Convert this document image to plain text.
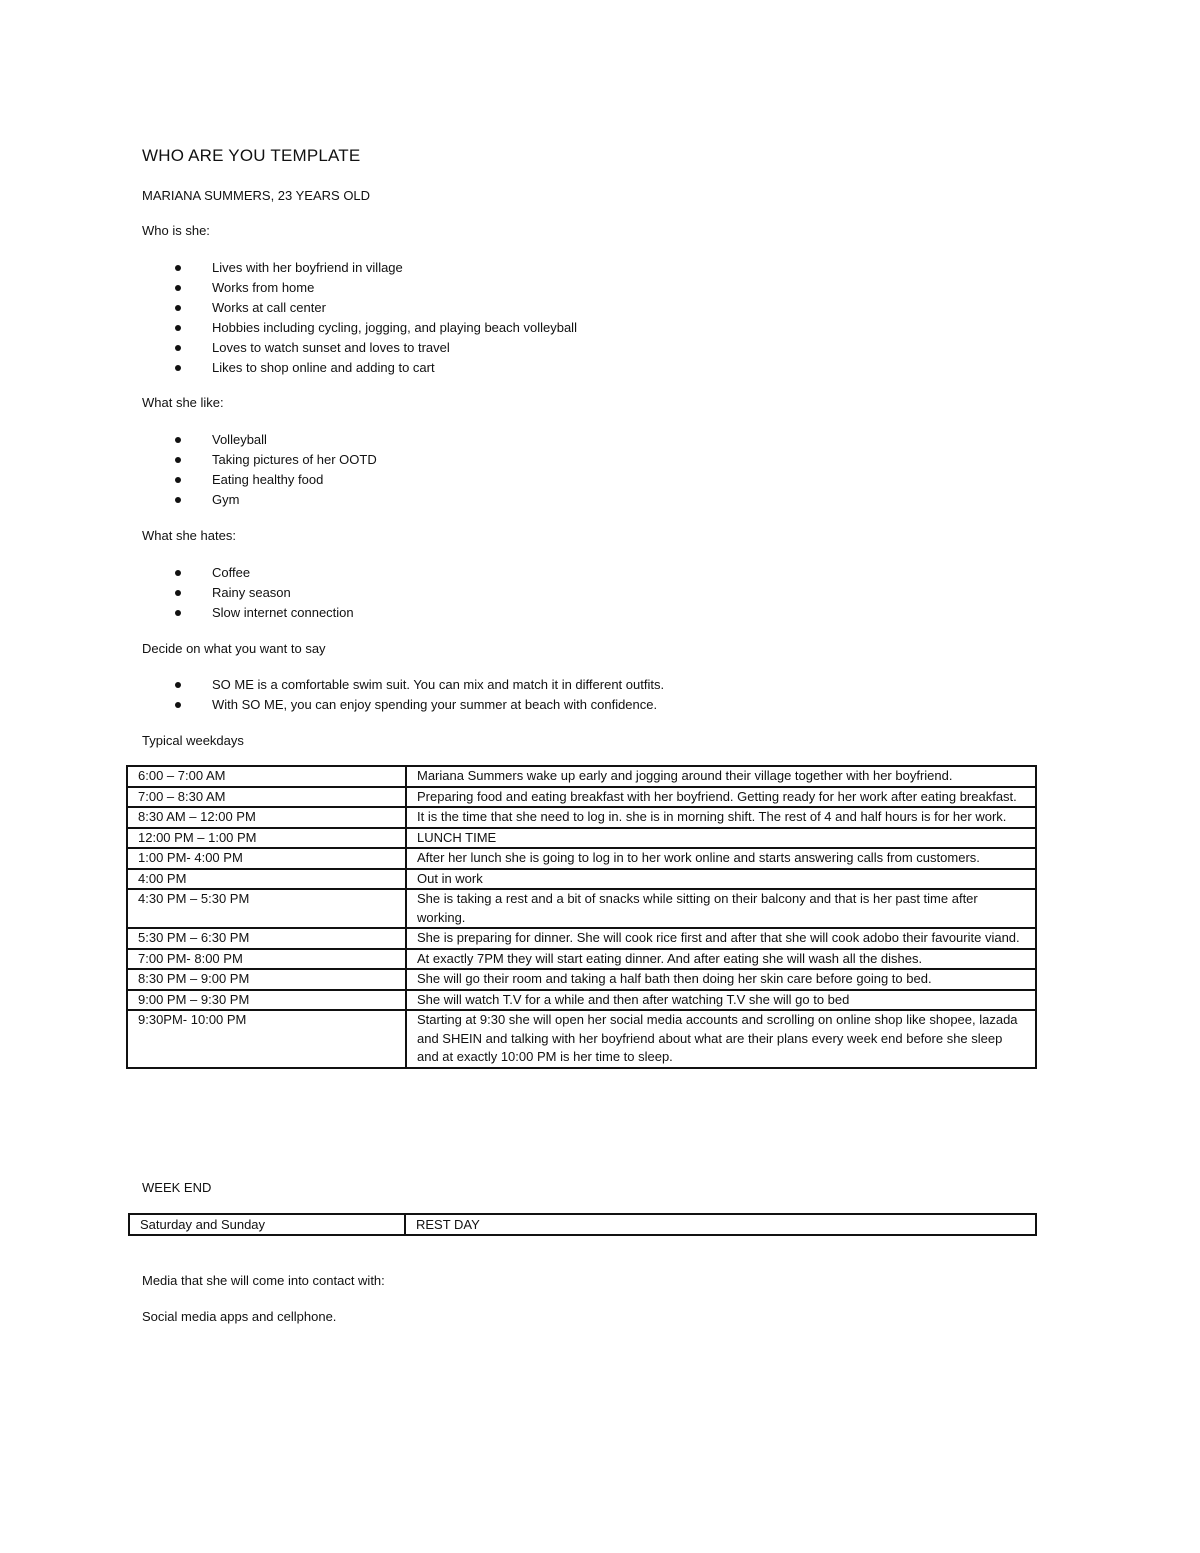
WHO ARE YOU TEMPLATE
MARIANA SUMMERS, 23 YEARS OLD
Who is she:
Lives with her boyfriend in village
Works from home
Works at call center
Hobbies including cycling, jogging, and playing beach volleyball
Loves to watch sunset and loves to travel
Likes to shop online and adding to cart
What she like:
Volleyball
Taking pictures of her OOTD
Eating healthy food
Gym
What she hates:
Coffee
Rainy season
Slow internet connection
Decide on what you want to say
SO ME is a comfortable swim suit. You can mix and match it in different outfits.
With SO ME, you can enjoy spending your summer at beach with confidence.
Typical weekdays
6:00 – 7:00 AM	Mariana Summers wake up early and jogging around their village together with her boyfriend.
7:00 – 8:30 AM	Preparing food and eating breakfast with her boyfriend. Getting ready for her work after eating breakfast.
8:30 AM – 12:00 PM	It is the time that she need to log in. she is in morning shift. The rest of 4 and half hours is for her work.
12:00 PM – 1:00 PM	LUNCH TIME
1:00 PM- 4:00 PM	After her lunch she is going to log in to her work online and starts answering calls from customers.
4:00 PM	Out in work
4:30 PM – 5:30 PM	She is taking a rest and a bit of snacks while sitting on their balcony and that is her past time after working.
5:30 PM – 6:30 PM	She is preparing for dinner. She will cook rice first and after that she will cook adobo their favourite viand.
7:00 PM- 8:00 PM	At exactly 7PM they will start eating dinner. And after eating she will wash all the dishes.
8:30 PM – 9:00 PM	She will go their room and taking a half bath then doing her skin care before going to bed.
9:00 PM – 9:30 PM	She will watch T.V for a while and then after watching T.V she will go to bed
9:30PM- 10:00 PM	Starting at 9:30 she will open her social media accounts and scrolling on online shop like shopee, lazada and SHEIN and talking with her boyfriend about what are their plans every week end before she sleep and at exactly 10:00 PM is her time to sleep.
WEEK END
Saturday and Sunday	REST DAY
Media that she will come into contact with:
Social media apps and cellphone.
